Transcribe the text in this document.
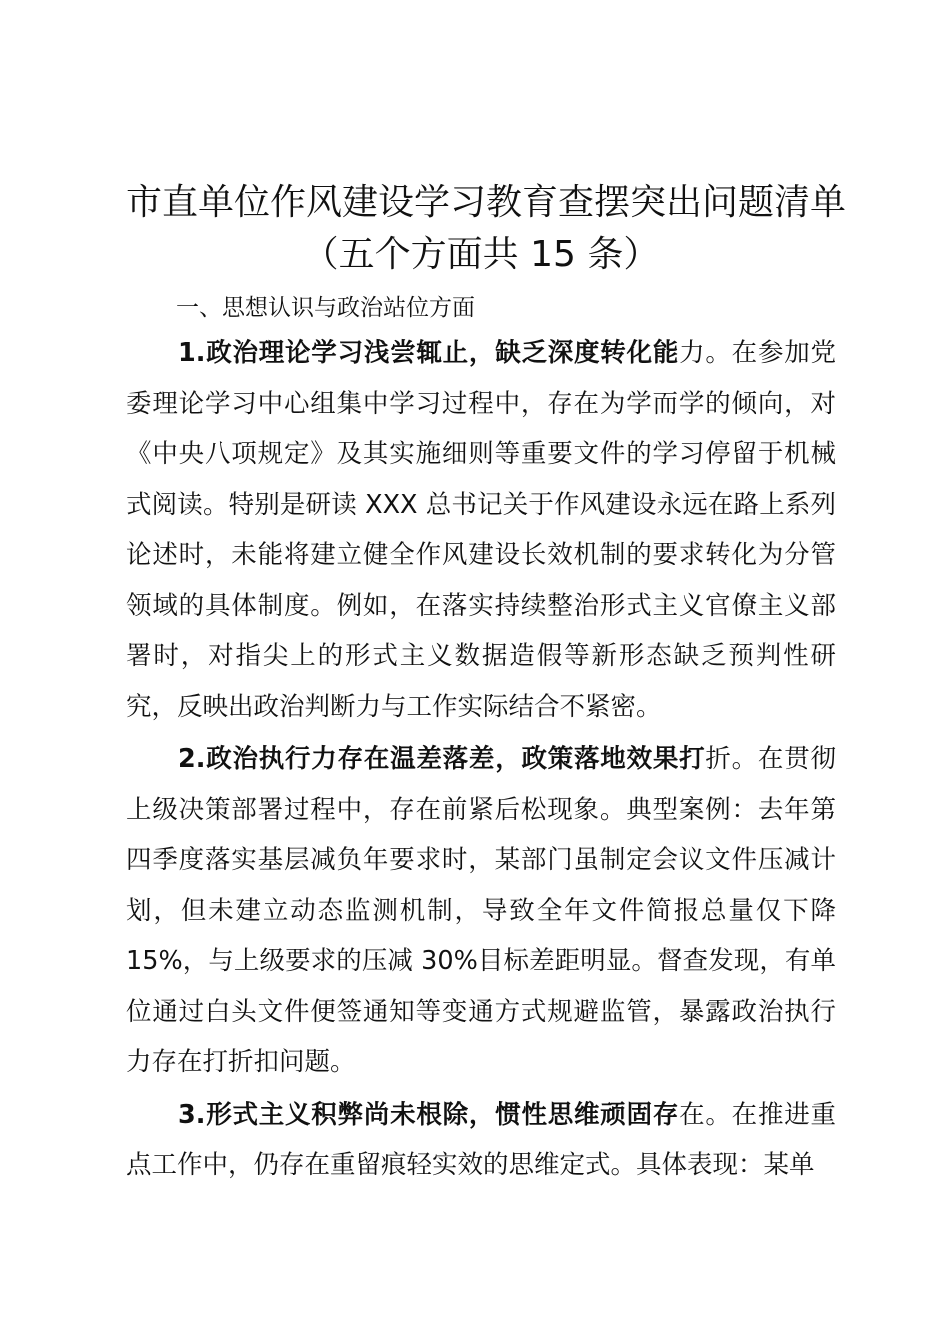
市直单位作风建设学习教育查摆突出问题清单
（五个方面共 15 条）
一、思想认识与政治站位方面

1.政治理论学习浅尝辄止，缺乏深度转化能力。在参加党委理论学习中心组集中学习过程中，存在为学而学的倾向，对《中央八项规定》及其实施细则等重要文件的学习停留于机械式阅读。特别是研读 XXX 总书记关于作风建设永远在路上系列论述时，未能将建立健全作风建设长效机制的要求转化为分管领域的具体制度。例如，在落实持续整治形式主义官僚主义部署时，对指尖上的形式主义数据造假等新形态缺乏预判性研究，反映出政治判断力与工作实际结合不紧密。

2.政治执行力存在温差落差，政策落地效果打折。在贯彻上级决策部署过程中，存在前紧后松现象。典型案例：去年第四季度落实基层减负年要求时，某部门虽制定会议文件压减计划，但未建立动态监测机制，导致全年文件简报总量仅下降 15%，与上级要求的压减 30%目标差距明显。督查发现，有单位通过白头文件便签通知等变通方式规避监管，暴露政治执行力存在打折扣问题。

3.形式主义积弊尚未根除，惯性思维顽固存在。在推进重点工作中，仍存在重留痕轻实效的思维定式。具体表现：某单
